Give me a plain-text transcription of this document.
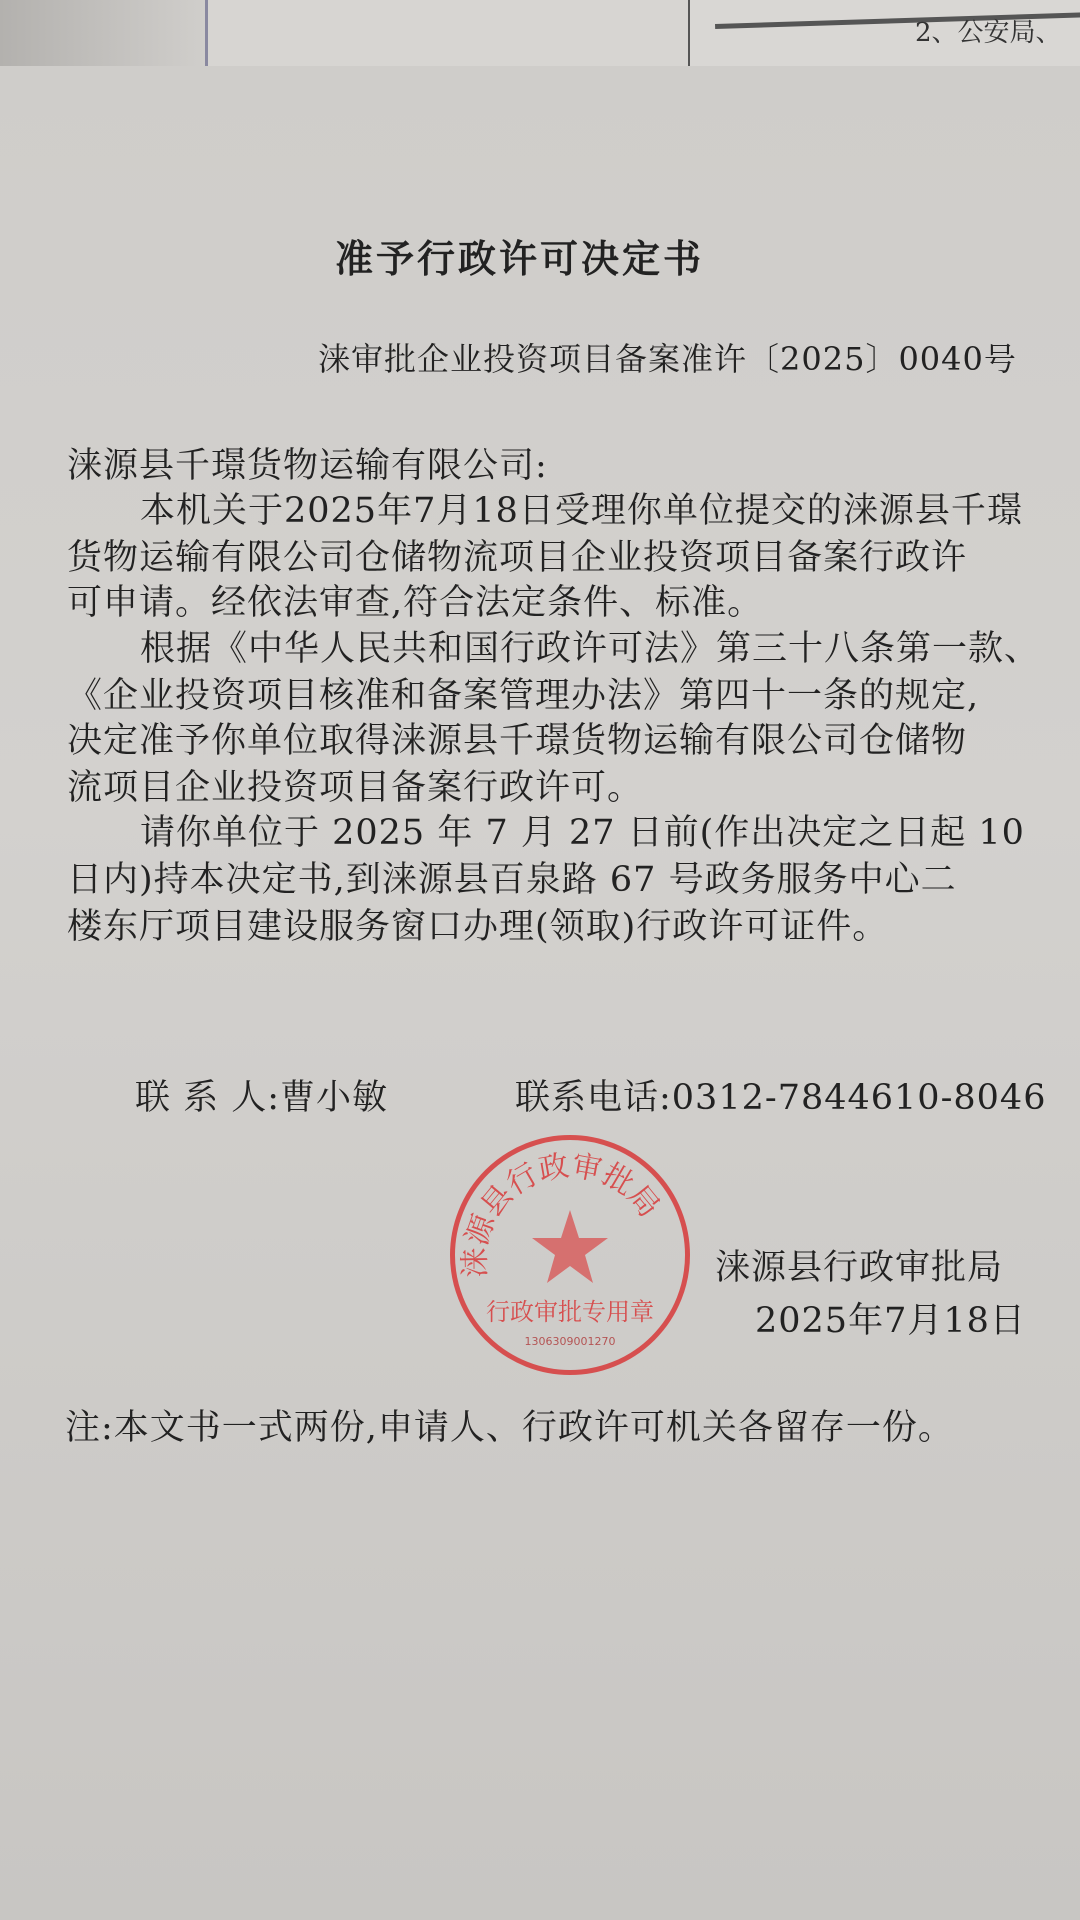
2、公安局、
准予行政许可决定书
涞审批企业投资项目备案准许〔2025〕0040号
涞源县千璟货物运输有限公司:
本机关于2025年7月18日受理你单位提交的涞源县千璟
货物运输有限公司仓储物流项目企业投资项目备案行政许
可申请。经依法审查,符合法定条件、标准。
根据《中华人民共和国行政许可法》第三十八条第一款、
《企业投资项目核准和备案管理办法》第四十一条的规定,
决定准予你单位取得涞源县千璟货物运输有限公司仓储物
流项目企业投资项目备案行政许可。
请你单位于 2025 年 7 月 27 日前(作出决定之日起 10
日内)持本决定书,到涞源县百泉路 67 号政务服务中心二
楼东厅项目建设服务窗口办理(领取)行政许可证件。
联 系 人:曹小敏	联系电话:0312-7844610-8046
涞源县行政审批局
行政审批专用章
1306309001270
涞源县行政审批局
2025年7月18日
注:本文书一式两份,申请人、行政许可机关各留存一份。
